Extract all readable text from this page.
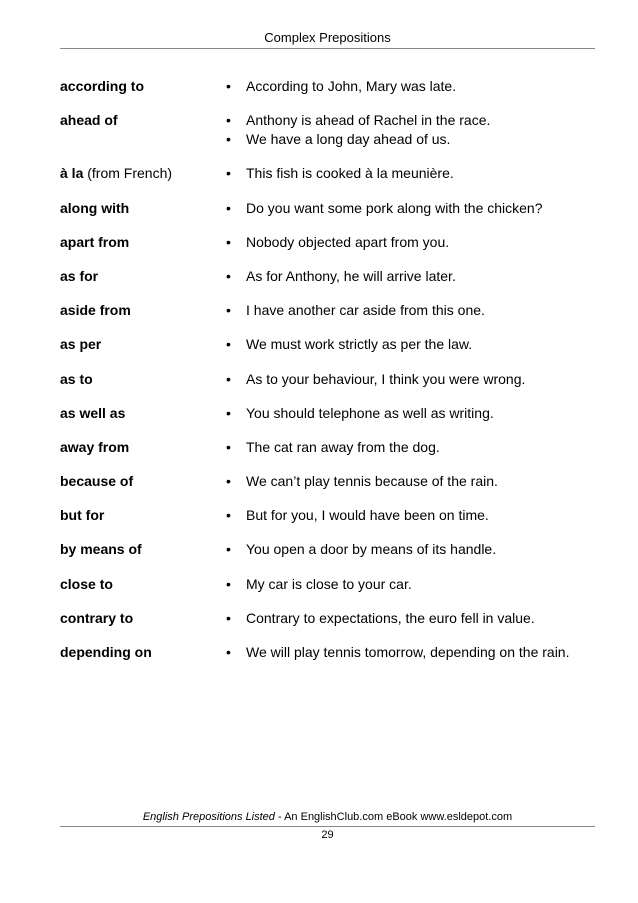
Complex Prepositions
according to	•	According to John, Mary was late.
ahead of	•	Anthony is ahead of Rachel in the race.
•	We have a long day ahead of us.
à la (from French)	•	This fish is cooked à la meunière.
along with	•	Do you want some pork along with the chicken?
apart from	•	Nobody objected apart from you.
as for	•	As for Anthony, he will arrive later.
aside from	•	I have another car aside from this one.
as per	•	We must work strictly as per the law.
as to	•	As to your behaviour, I think you were wrong.
as well as	•	You should telephone as well as writing.
away from	•	The cat ran away from the dog.
because of	•	We can’t play tennis because of the rain.
but for	•	But for you, I would have been on time.
by means of	•	You open a door by means of its handle.
close to	•	My car is close to your car.
contrary to	•	Contrary to expectations, the euro fell in value.
depending on	•	We will play tennis tomorrow, depending on the rain.
English Prepositions Listed - An EnglishClub.com eBook www.esldepot.com
29
